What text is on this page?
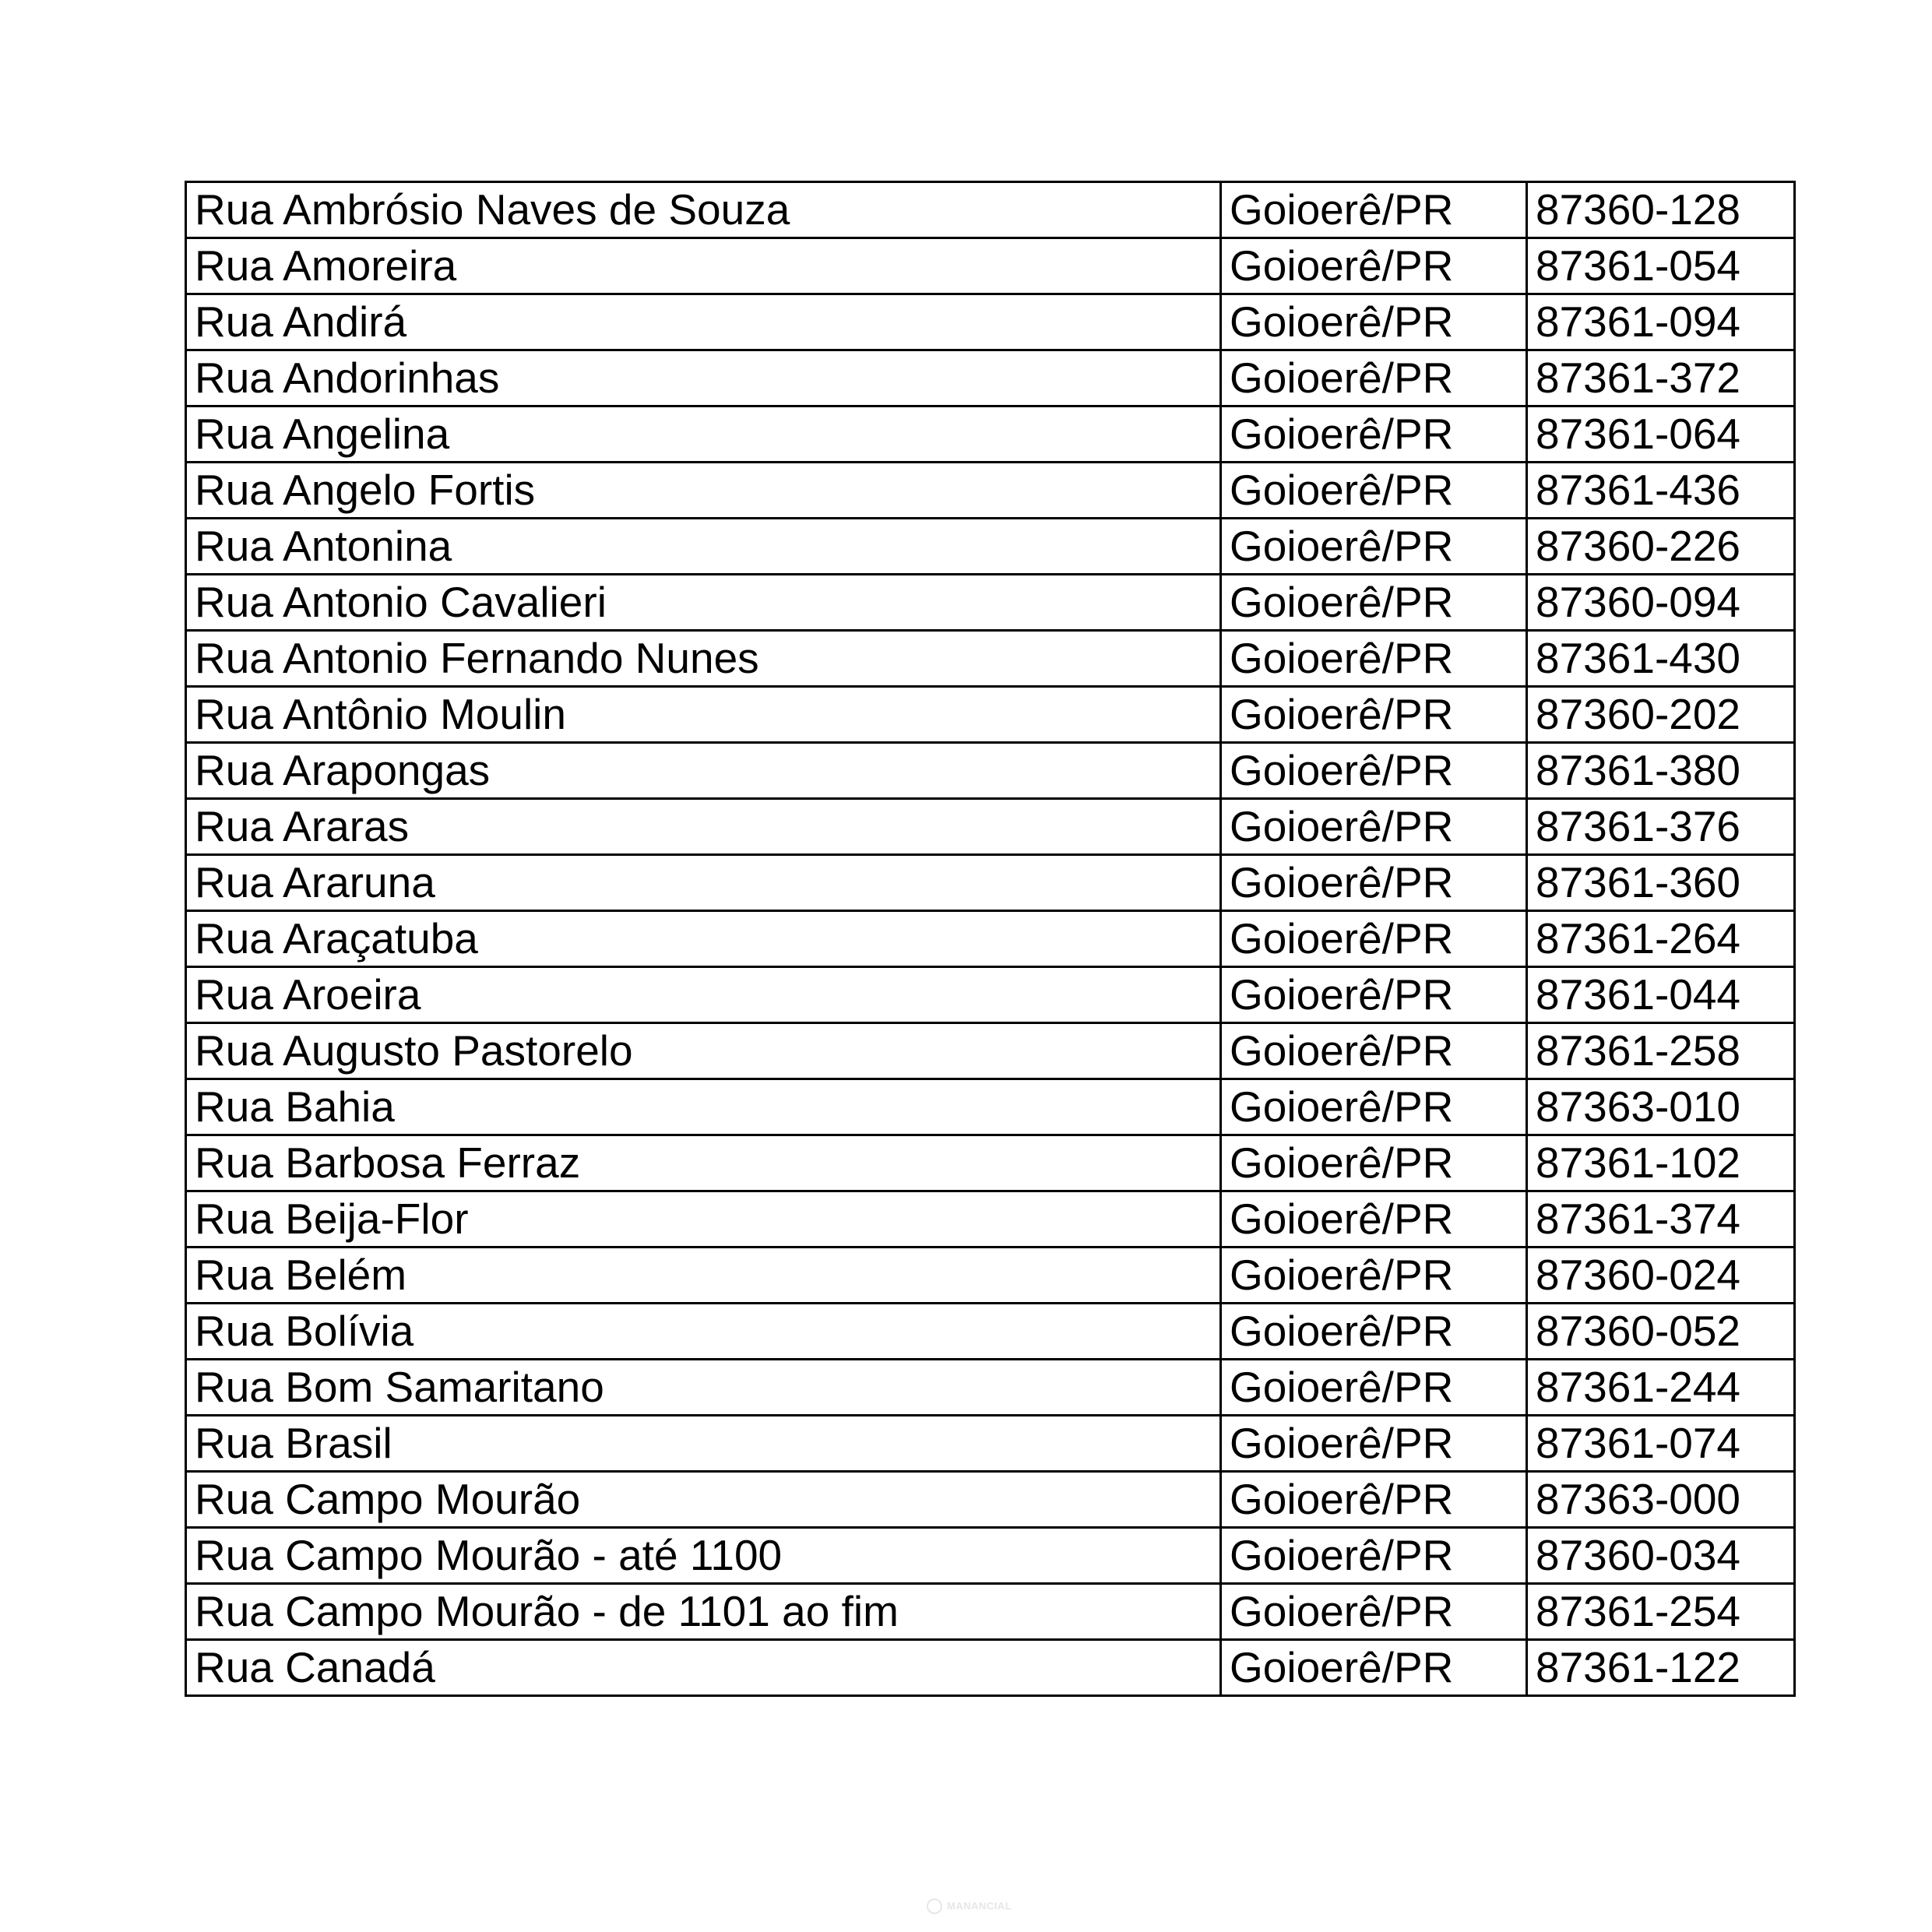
Rua Ambrósio Naves de Souza	Goioerê/PR	87360-128
Rua Amoreira	Goioerê/PR	87361-054
Rua Andirá	Goioerê/PR	87361-094
Rua Andorinhas	Goioerê/PR	87361-372
Rua Angelina	Goioerê/PR	87361-064
Rua Angelo Fortis	Goioerê/PR	87361-436
Rua Antonina	Goioerê/PR	87360-226
Rua Antonio Cavalieri	Goioerê/PR	87360-094
Rua Antonio Fernando Nunes	Goioerê/PR	87361-430
Rua Antônio Moulin	Goioerê/PR	87360-202
Rua Arapongas	Goioerê/PR	87361-380
Rua Araras	Goioerê/PR	87361-376
Rua Araruna	Goioerê/PR	87361-360
Rua Araçatuba	Goioerê/PR	87361-264
Rua Aroeira	Goioerê/PR	87361-044
Rua Augusto Pastorelo	Goioerê/PR	87361-258
Rua Bahia	Goioerê/PR	87363-010
Rua Barbosa Ferraz	Goioerê/PR	87361-102
Rua Beija-Flor	Goioerê/PR	87361-374
Rua Belém	Goioerê/PR	87360-024
Rua Bolívia	Goioerê/PR	87360-052
Rua Bom Samaritano	Goioerê/PR	87361-244
Rua Brasil	Goioerê/PR	87361-074
Rua Campo Mourão	Goioerê/PR	87363-000
Rua Campo Mourão - até 1100	Goioerê/PR	87360-034
Rua Campo Mourão - de 1101 ao fim	Goioerê/PR	87361-254
Rua Canadá	Goioerê/PR	87361-122
MANANCIAL
